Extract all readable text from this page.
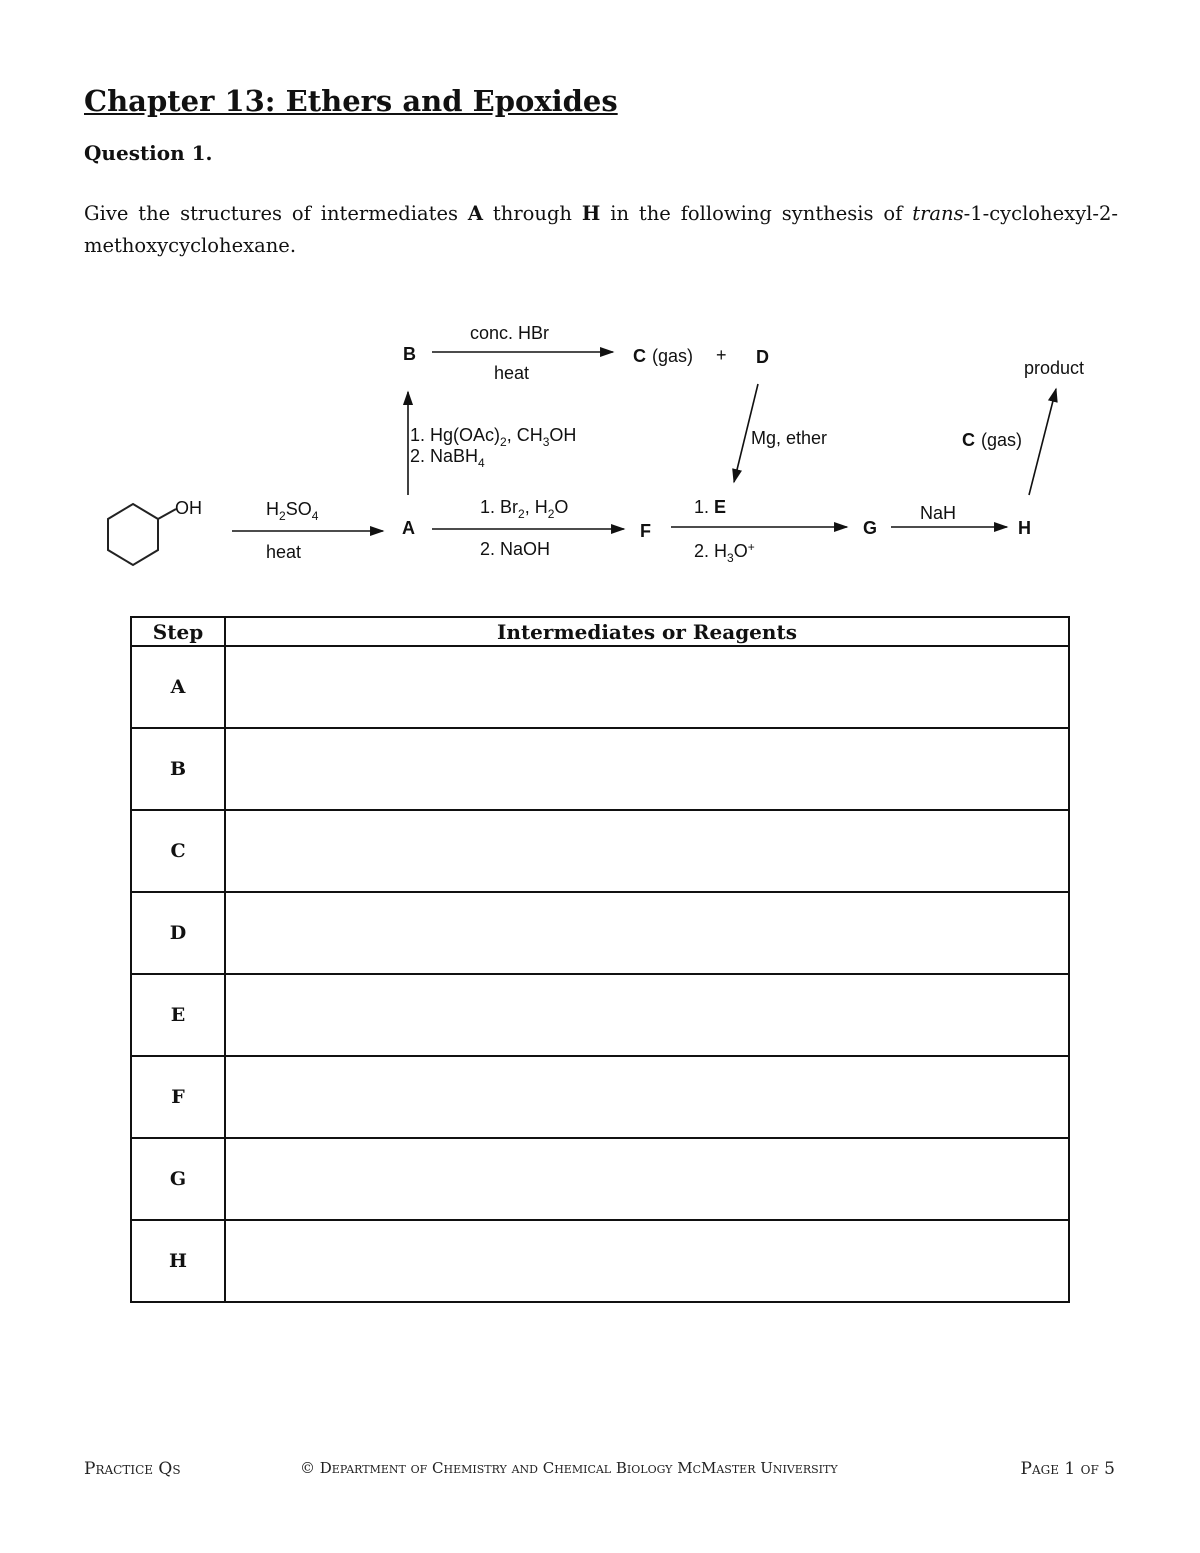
Chapter 13: Ethers and Epoxides
Question 1.

Give the structures of intermediates A through H in the following synthesis of trans-1-cyclohexyl-2-methoxycyclohexane.

OH	$H_2SO_4$
heat
A
1. $Hg(OAc)_2$, $CH_3OH$
2. NaBH$_4$
B
conc. HBr
heat
C (gas) + D
Mg, ether
1. $Br_2$, $H_2O$
2. NaOH
F
1. E
2. $H_3O^+$
G
NaH
H
C (gas)
product
Step	Intermediates or Reagents
A	
B	
C	
D	
E	
F	
G	
H	
Practice Qs	© Department of Chemistry and Chemical Biology McMaster University	Page 1 of 5
